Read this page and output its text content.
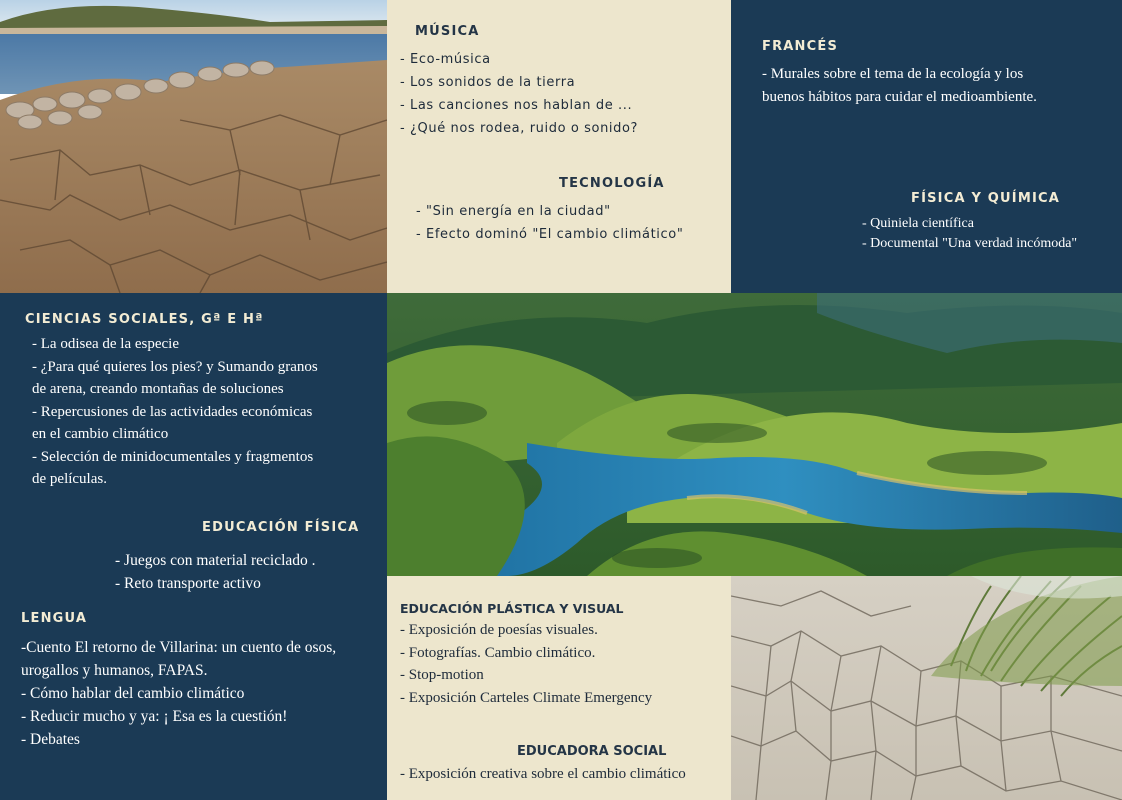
MÚSICA
- Eco-música
- Los sonidos de la tierra
- Las canciones nos hablan de ...
- ¿Qué nos rodea, ruido o sonido?
TECNOLOGÍA
- "Sin energía en la ciudad"
- Efecto dominó "El cambio climático"
FRANCÉS
- Murales sobre el tema de la ecología y los buenos hábitos para cuidar el medioambiente.
FÍSICA Y QUÍMICA
- Quiniela científica
- Documental "Una verdad incómoda"
CIENCIAS SOCIALES, Gª E Hª
- La odisea de la especie
- ¿Para qué quieres los pies? y Sumando granos de arena, creando montañas de soluciones
- Repercusiones de las actividades económicas en el cambio climático
- Selección de minidocumentales y fragmentos de películas.
EDUCACIÓN FÍSICA
- Juegos con material reciclado .
- Reto transporte activo
LENGUA
-Cuento El retorno de Villarina: un cuento de osos, urogallos y humanos, FAPAS.
- Cómo hablar del cambio climático
- Reducir mucho y ya: ¡ Esa es la cuestión!
- Debates
EDUCACIÓN PLÁSTICA Y VISUAL
- Exposición de poesías visuales.
- Fotografías. Cambio climático.
- Stop-motion
- Exposición Carteles Climate Emergency
EDUCADORA SOCIAL
- Exposición creativa sobre el cambio climático
